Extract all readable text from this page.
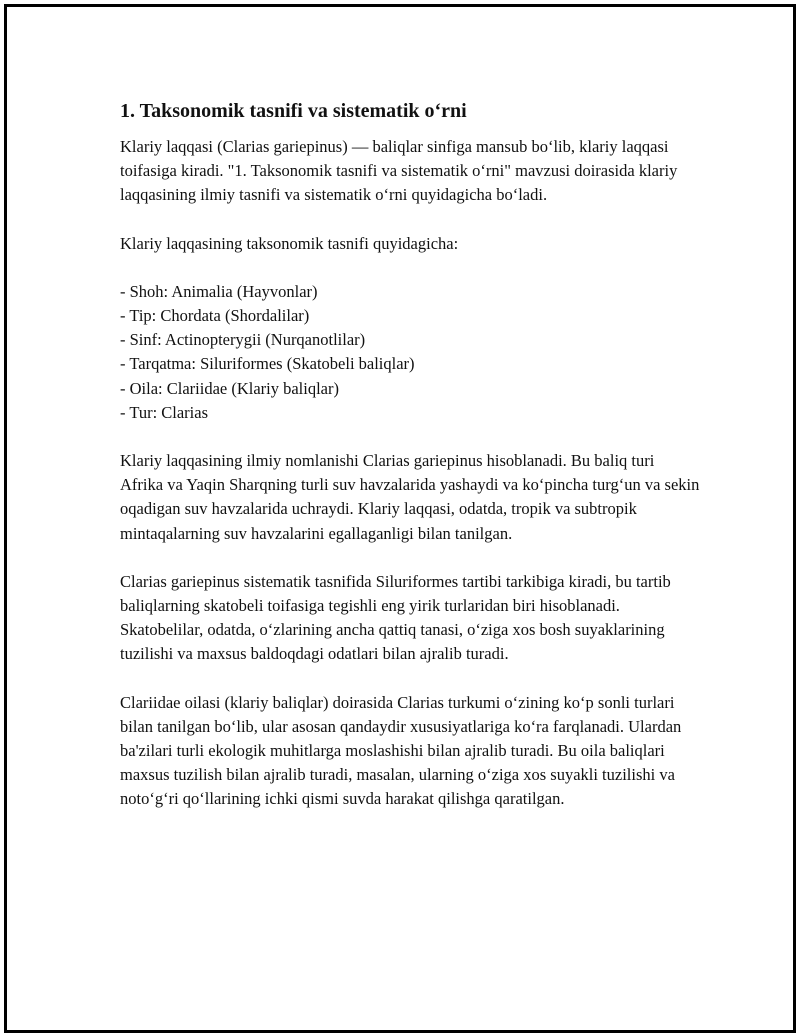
1. Taksonomik tasnifi va sistematik o‘rni

Klariy laqqasi (Clarias gariepinus) — baliqlar sinfiga mansub bo‘lib, klariy laqqasi toifasiga kiradi. "1. Taksonomik tasnifi va sistematik o‘rni" mavzusi doirasida klariy laqqasining ilmiy tasnifi va sistematik o‘rni quyidagicha bo‘ladi.

Klariy laqqasining taksonomik tasnifi quyidagicha:

- Shoh: Animalia (Hayvonlar)
- Tip: Chordata (Shordalilar)
- Sinf: Actinopterygii (Nurqanotlilar)
- Tarqatma: Siluriformes (Skatobeli baliqlar)
- Oila: Clariidae (Klariy baliqlar)
- Tur: Clarias

Klariy laqqasining ilmiy nomlanishi Clarias gariepinus hisoblanadi. Bu baliq turi Afrika va Yaqin Sharqning turli suv havzalarida yashaydi va ko‘pincha turg‘un va sekin oqadigan suv havzalarida uchraydi. Klariy laqqasi, odatda, tropik va subtropik mintaqalarning suv havzalarini egallaganligi bilan tanilgan.

Clarias gariepinus sistematik tasnifida Siluriformes tartibi tarkibiga kiradi, bu tartib baliqlarning skatobeli toifasiga tegishli eng yirik turlaridan biri hisoblanadi. Skatobelilar, odatda, o‘zlarining ancha qattiq tanasi, o‘ziga xos bosh suyaklarining tuzilishi va maxsus baldoqdagi odatlari bilan ajralib turadi.

Clariidae oilasi (klariy baliqlar) doirasida Clarias turkumi o‘zining ko‘p sonli turlari bilan tanilgan bo‘lib, ular asosan qandaydir xususiyatlariga ko‘ra farqlanadi. Ulardan ba'zilari turli ekologik muhitlarga moslashishi bilan ajralib turadi. Bu oila baliqlari maxsus tuzilish bilan ajralib turadi, masalan, ularning o‘ziga xos suyakli tuzilishi va noto‘g‘ri qo‘llarining ichki qismi suvda harakat qilishga qaratilgan.
